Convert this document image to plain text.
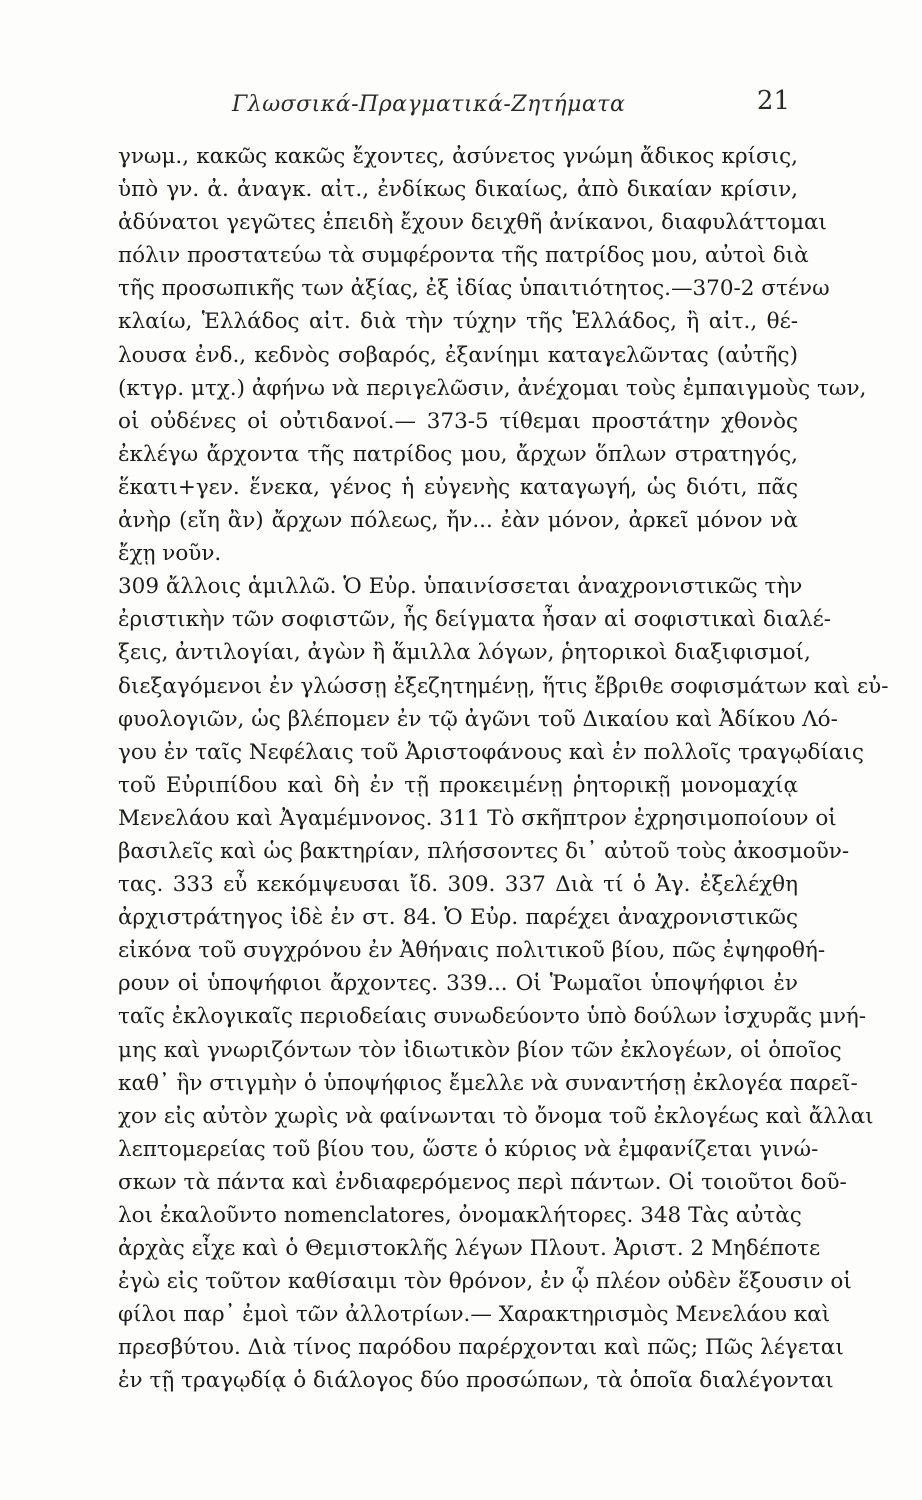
Γλωσσικά-Πραγματικά-Ζητήματα	21
γνωμ., κακῶς κακῶς ἔχοντες, ἀσύνετος γνώμη ἄδικος κρίσις,
ὑπὸ γν. ἀ. ἀναγκ. αἰτ., ἐνδίκως δικαίως, ἀπὸ δικαίαν κρίσιν,
ἀδύνατοι γεγῶτες ἐπειδὴ ἔχουν δειχθῆ ἀνίκανοι, διαφυλάττομαι
πόλιν προστατεύω τὰ συμφέροντα τῆς πατρίδος μου, αὐτοὶ διὰ
τῆς προσωπικῆς των ἀξίας, ἐξ ἰδίας ὑπαιτιότητος.—370-2 στένω
κλαίω, Ἑλλάδος αἰτ. διὰ τὴν τύχην τῆς Ἑλλάδος, ἢ αἰτ., θέ-
λουσα ἐνδ., κεδνὸς σοβαρός, ἐξανίημι καταγελῶντας (αὐτῆς)
(κτγρ. μτχ.) ἀφήνω νὰ περιγελῶσιν, ἀνέχομαι τοὺς ἐμπαιγμοὺς των,
οἱ οὐδένες οἱ οὐτιδανοί.— 373-5 τίθεμαι προστάτην χθονὸς
ἐκλέγω ἄρχοντα τῆς πατρίδος μου, ἄρχων ὅπλων στρατηγός,
ἕκατι+γεν. ἕνεκα, γένος ἡ εὐγενὴς καταγωγή, ὡς διότι, πᾶς
ἀνὴρ (εἴη ἂν) ἄρχων πόλεως, ἤν... ἐὰν μόνον, ἀρκεῖ μόνον νὰ
ἔχῃ νοῦν.
309 ἄλλοις ἁμιλλῶ. Ὁ Εὐρ. ὑπαινίσσεται ἀναχρονιστικῶς τὴν
ἐριστικὴν τῶν σοφιστῶν, ἧς δείγματα ἦσαν αἱ σοφιστικαὶ διαλέ-
ξεις, ἀντιλογίαι, ἀγὼν ἢ ἅμιλλα λόγων, ῥητορικοὶ διαξιφισμοί,
διεξαγόμενοι ἐν γλώσσῃ ἐξεζητημένῃ, ἥτις ἔβριθε σοφισμάτων καὶ εὐ-
φυολογιῶν, ὡς βλέπομεν ἐν τῷ ἀγῶνι τοῦ Δικαίου καὶ Ἀδίκου Λό-
γου ἐν ταῖς Νεφέλαις τοῦ Ἀριστοφάνους καὶ ἐν πολλοῖς τραγῳδίαις
τοῦ Εὐριπίδου καὶ δὴ ἐν τῇ προκειμένῃ ῥητορικῇ μονομαχίᾳ
Μενελάου καὶ Ἀγαμέμνονος. 311 Τὸ σκῆπτρον ἐχρησιμοποίουν οἱ
βασιλεῖς καὶ ὡς βακτηρίαν, πλήσσοντες δι᾽ αὐτοῦ τοὺς ἀκοσμοῦν-
τας. 333 εὖ κεκόμψευσαι ἴδ. 309. 337 Διὰ τί ὁ Ἀγ. ἐξελέχθη
ἀρχιστράτηγος ἰδὲ ἐν στ. 84. Ὁ Εὐρ. παρέχει ἀναχρονιστικῶς
εἰκόνα τοῦ συγχρόνου ἐν Ἀθήναις πολιτικοῦ βίου, πῶς ἐψηφοθή-
ρουν οἱ ὑποψήφιοι ἄρχοντες. 339... Οἱ Ῥωμαῖοι ὑποψήφιοι ἐν
ταῖς ἐκλογικαῖς περιοδείαις συνωδεύοντο ὑπὸ δούλων ἰσχυρᾶς μνή-
μης καὶ γνωριζόντων τὸν ἰδιωτικὸν βίον τῶν ἐκλογέων, οἱ ὁποῖος
καθ᾽ ἣν στιγμὴν ὁ ὑποψήφιος ἔμελλε νὰ συναντήσῃ ἐκλογέα παρεῖ-
χον εἰς αὐτὸν χωρὶς νὰ φαίνωνται τὸ ὄνομα τοῦ ἐκλογέως καὶ ἄλλαι
λεπτομερείας τοῦ βίου του, ὥστε ὁ κύριος νὰ ἐμφανίζεται γινώ-
σκων τὰ πάντα καὶ ἐνδιαφερόμενος περὶ πάντων. Οἱ τοιοῦτοι δοῦ-
λοι ἐκαλοῦντο nomenclatores, ὀνομακλήτορες. 348 Τὰς αὐτὰς
ἀρχὰς εἶχε καὶ ὁ Θεμιστοκλῆς λέγων Πλουτ. Ἀριστ. 2 Μηδέποτε
ἐγὼ εἰς τοῦτον καθίσαιμι τὸν θρόνον, ἐν ᾧ πλέον οὐδὲν ἕξουσιν οἱ
φίλοι παρ᾽ ἐμοὶ τῶν ἀλλοτρίων.— Χαρακτηρισμὸς Μενελάου καὶ
πρεσβύτου. Διὰ τίνος παρόδου παρέρχονται καὶ πῶς; Πῶς λέγεται
ἐν τῇ τραγῳδίᾳ ὁ διάλογος δύο προσώπων, τὰ ὁποῖα διαλέγονται
